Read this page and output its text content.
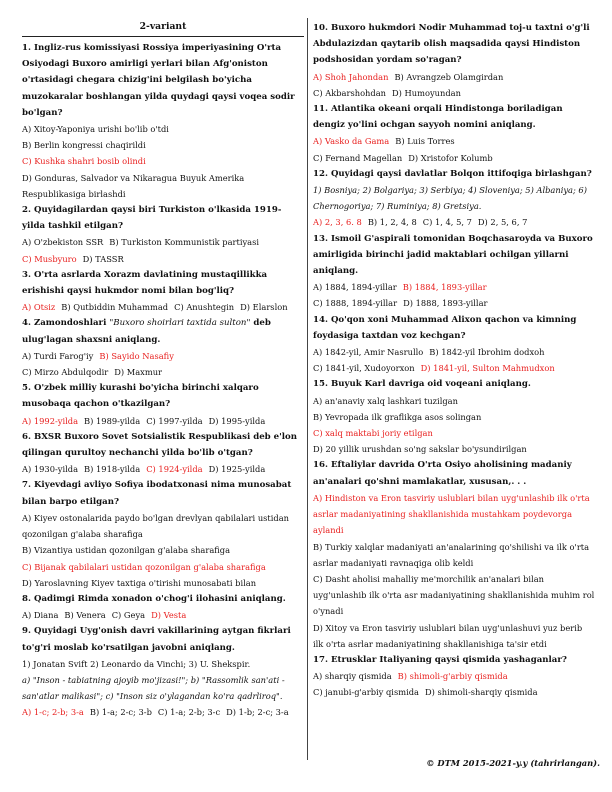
2-variant
1. Ingliz-rus komissiyasi Rossiya imperiyasining O'rta Osiyodagi Buxoro amirligi yerlari bilan Afg'oniston o'rtasidagi chegara chizig'ini belgilash bo'yicha muzokaralar boshlangan yilda quydagi qaysi voqea sodir bo'lgan?
A) Xitoy-Yaponiya urishi bo'lib o'tdi
B) Berlin kongressi chaqirildi
C) Kushka shahri bosib olindi
D) Gonduras, Salvador va Nikaragua Buyuk Amerika Respublikasiga birlashdi
2. Quyidagilardan qaysi biri Turkiston o'lkasida 1919-yilda tashkil etilgan?
A) O'zbekiston SSR B) Turkiston Kommunistik partiyasi
C) Musbyuro D) TASSR
3. O'rta asrlarda Xorazm davlatining mustaqillikka erishishi qaysi hukmdor nomi bilan bog'liq?
A) Otsiz B) Qutbiddin Muhammad C) Anushtegin D) Elarslon
4. Zamondoshlari "Buxoro shoirlari taxtida sulton" deb ulug'lagan shaxsni aniqlang.
A) Turdi Farog'iy B) Sayido Nasafiy
C) Mirzo Abdulqodir D) Maxmur
5. O'zbek milliy kurashi bo'yicha birinchi xalqaro musobaqa qachon o'tkazilgan?
A) 1992-yilda B) 1989-yilda C) 1997-yilda D) 1995-yilda
6. BXSR Buxoro Sovet Sotsialistik Respublikasi deb e'lon qilingan qurultoy nechanchi yilda bo'lib o'tgan?
A) 1930-yilda B) 1918-yilda C) 1924-yilda D) 1925-yilda
7. Kiyevdagi avliyo Sofiya ibodatxonasi nima munosabat bilan barpo etilgan?
A) Kiyev ostonalarida paydo bo'lgan drevlyan qabilalari ustidan qozonilgan g'alaba sharafiga
B) Vizantiya ustidan qozonilgan g'alaba sharafiga
C) Bijanak qabilalari ustidan qozonilgan g'alaba sharafiga
D) Yaroslavning Kiyev taxtiga o'tirishi munosabati bilan
8. Qadimgi Rimda xonadon o'chog'i ilohasini aniqlang.
A) Diana B) Venera C) Geya D) Vesta
9. Quyidagi Uyg'onish davri vakillarining aytgan fikrlari to'g'ri moslab ko'rsatilgan javobni aniqlang.
1) Jonatan Svift 2) Leonardo da Vinchi; 3) U. Shekspir.
a) "Inson - tabiatning ajoyib mo'jizasi!"; b) "Rassomlik san'ati - san'atlar malikasi"; c) "Inson siz o'ylagandan ko'ra qadrliroq".
A) 1-c; 2-b; 3-a B) 1-a; 2-c; 3-b C) 1-a; 2-b; 3-c D) 1-b; 2-c; 3-a
10. Buxoro hukmdori Nodir Muhammad toj-u taxtni o'g'li Abdulazizdan qaytarib olish maqsadida qaysi Hindiston podshosidan yordam so'ragan?
A) Shoh Jahondan B) Avrangzeb Olamgirdan
C) Akbarshohdan D) Humoyundan
11. Atlantika okeani orqali Hindistonga boriladigan dengiz yo'lini ochgan sayyoh nomini aniqlang.
A) Vasko da Gama B) Luis Torres
C) Fernand Magellan D) Xristofor Kolumb
12. Quyidagi qaysi davlatlar Bolqon ittifoqiga birlashgan?
1) Bosniya; 2) Bolgariya; 3) Serbiya; 4) Sloveniya; 5) Albaniya; 6) Chernogoriya; 7) Ruminiya; 8) Gretsiya.
A) 2, 3, 6. 8 B) 1, 2, 4, 8 C) 1, 4, 5, 7 D) 2, 5, 6, 7
13. Ismoil G'aspirali tomonidan Boqchasaroyda va Buxoro amirligida birinchi jadid maktablari ochilgan yillarni aniqlang.
A) 1884, 1894-yillar B) 1884, 1893-yillar
C) 1888, 1894-yillar D) 1888, 1893-yillar
14. Qo'qon xoni Muhammad Alixon qachon va kimning foydasiga taxtdan voz kechgan?
A) 1842-yil, Amir Nasrullo B) 1842-yil Ibrohim dodxoh
C) 1841-yil, Xudoyorxon D) 1841-yil, Sulton Mahmudxon
15. Buyuk Karl davriga oid voqeani aniqlang.
A) an'anaviy xalq lashkari tuzilgan
B) Yevropada ilk graflikga asos solingan
C) xalq maktabi joriy etilgan
D) 20 yillik urushdan so'ng sakslar bo'ysundirilgan
16. Eftaliylar davrida O'rta Osiyo aholisining madaniy an'analari qo'shni mamlakatlar, xususan,. . .
A) Hindiston va Eron tasviriy uslublari bilan uyg'unlashib ilk o'rta asrlar madaniyatining shakllanishida mustahkam poydevorga aylandi
B) Turkiy xalqlar madaniyati an'analarining qo'shilishi va ilk o'rta asrlar madaniyati ravnaqiga olib keldi
C) Dasht aholisi mahalliy me'morchilik an'analari bilan uyg'unlashib ilk o'rta asr madaniyatining shakllanishida muhim rol o'ynadi
D) Xitoy va Eron tasviriy uslublari bilan uyg'unlashuvi yuz berib ilk o'rta asrlar madaniyatining shakllanishiga ta'sir etdi
17. Etrusklar Italiyaning qaysi qismida yashaganlar?
A) sharqiy qismida B) shimoli-g'arbiy qismida
C) janubi-g'arbiy qismida D) shimoli-sharqiy qismida
© DTM 2015-2021-y.y (tahrirlangan).
